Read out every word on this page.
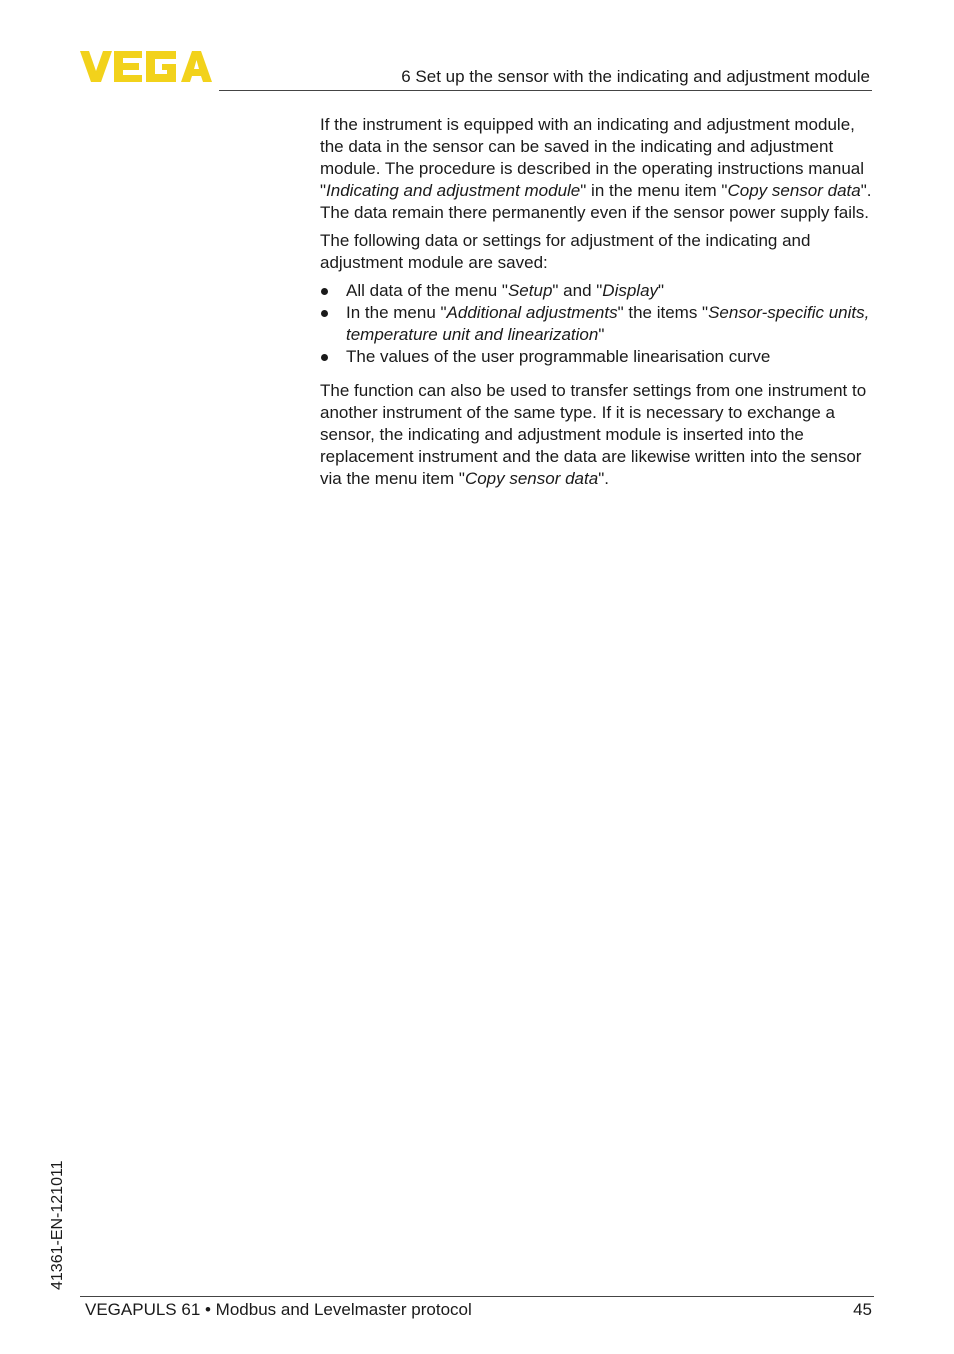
6 Set up the sensor with the indicating and adjustment module

If the instrument is equipped with an indicating and adjustment module, the data in the sensor can be saved in the indicating and adjustment module. The procedure is described in the operating instructions manual "Indicating and adjustment module" in the menu item "Copy sensor data". The data remain there permanently even if the sensor power supply fails.

The following data or settings for adjustment of the indicating and adjustment module are saved:

All data of the menu "Setup" and "Display"
In the menu "Additional adjustments" the items "Sensor-specific units, temperature unit and linearization"
The values of the user programmable linearisation curve

The function can also be used to transfer settings from one instrument to another instrument of the same type. If it is necessary to exchange a sensor, the indicating and adjustment module is inserted into the replacement instrument and the data are likewise written into the sensor via the menu item "Copy sensor data".

41361-EN-121011
VEGAPULS 61 • Modbus and Levelmaster protocol	45
